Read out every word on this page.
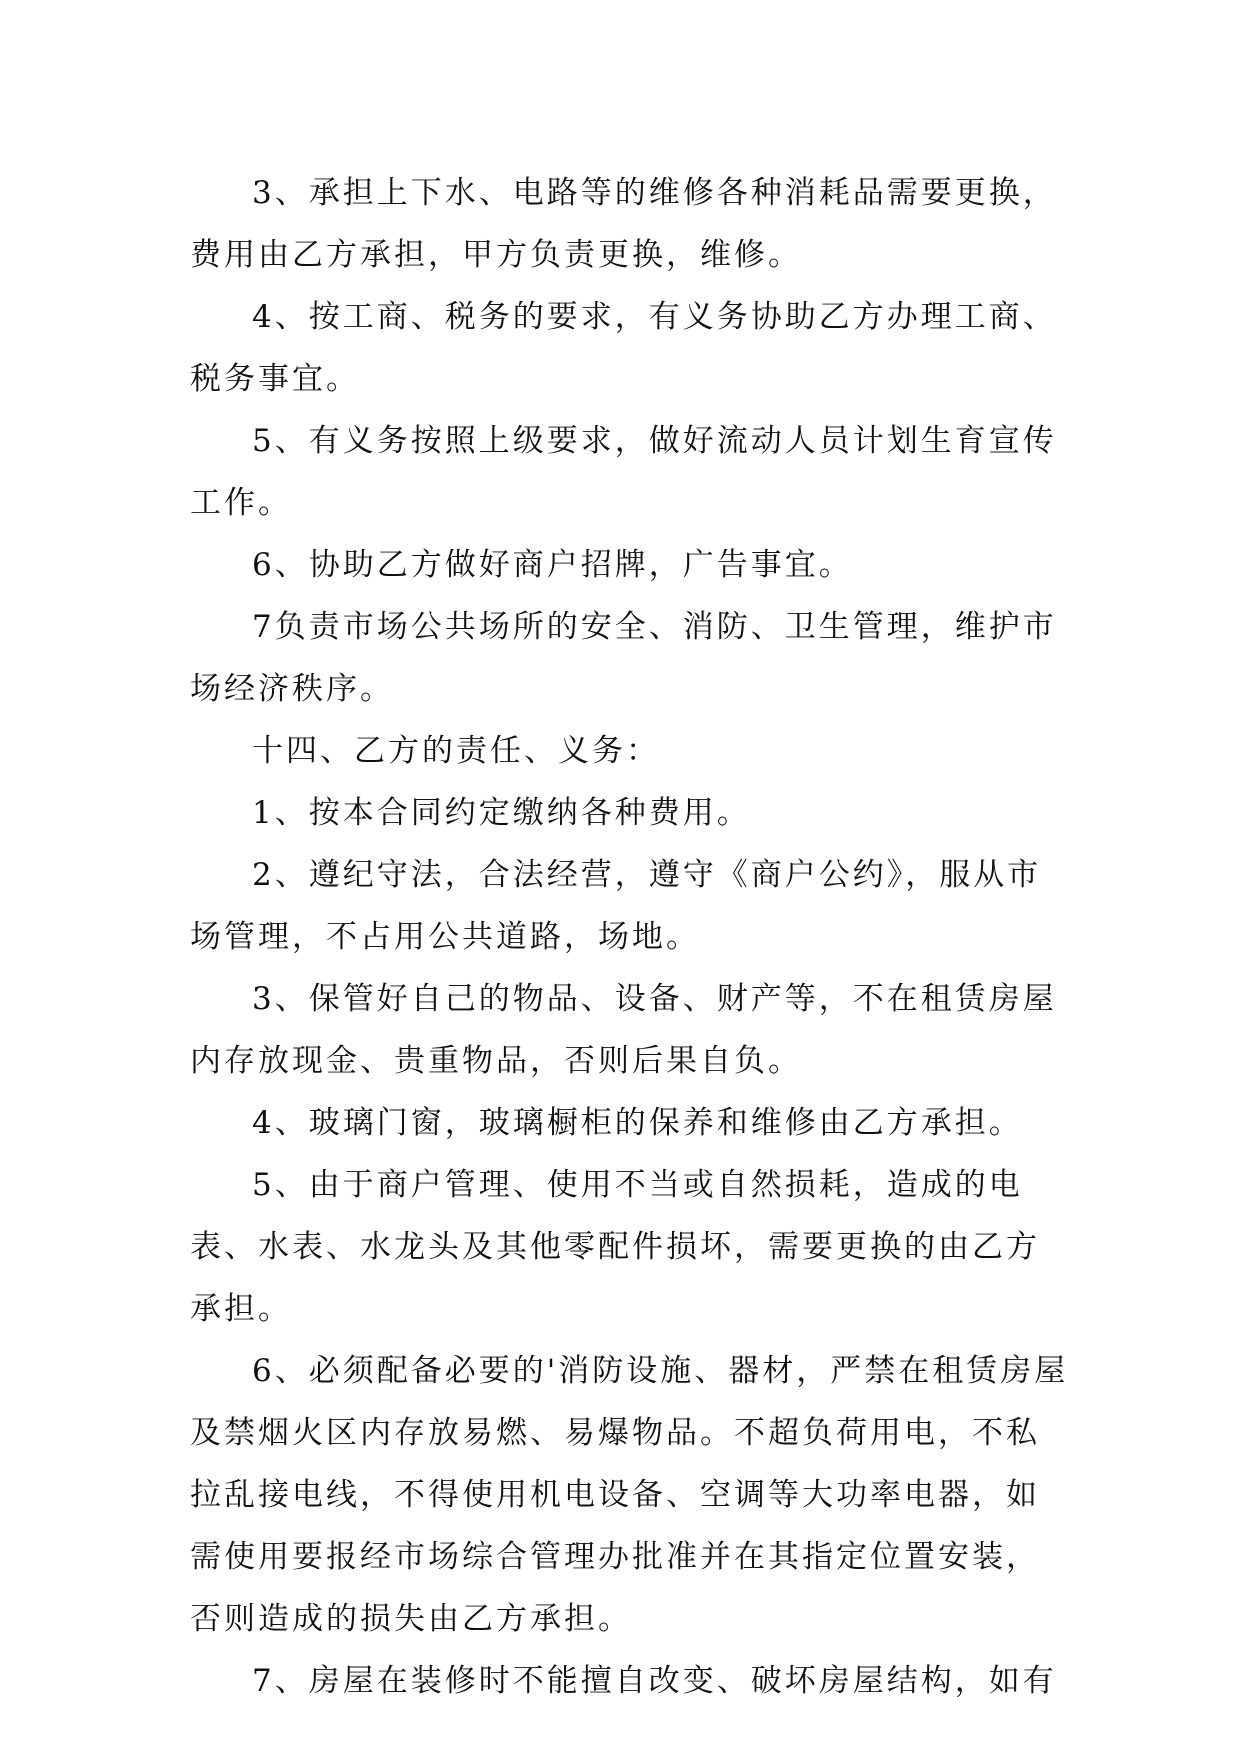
3、承担上下水、电路等的维修各种消耗品需要更换，费用由乙方承担，甲方负责更换，维修。

4、按工商、税务的要求，有义务协助乙方办理工商、税务事宜。

5、有义务按照上级要求，做好流动人员计划生育宣传工作。

6、协助乙方做好商户招牌，广告事宜。

7负责市场公共场所的安全、消防、卫生管理，维护市场经济秩序。

十四、乙方的责任、义务：

1、按本合同约定缴纳各种费用。

2、遵纪守法，合法经营，遵守《商户公约》，服从市场管理，不占用公共道路，场地。

3、保管好自己的物品、设备、财产等，不在租赁房屋内存放现金、贵重物品，否则后果自负。

4、玻璃门窗，玻璃橱柜的保养和维修由乙方承担。

5、由于商户管理、使用不当或自然损耗，造成的电表、水表、水龙头及其他零配件损坏，需要更换的由乙方承担。

6、必须配备必要的'消防设施、器材，严禁在租赁房屋及禁烟火区内存放易燃、易爆物品。不超负荷用电，不私拉乱接电线，不得使用机电设备、空调等大功率电器，如需使用要报经市场综合管理办批准并在其指定位置安装，否则造成的损失由乙方承担。

7、房屋在装修时不能擅自改变、破坏房屋结构，如有
